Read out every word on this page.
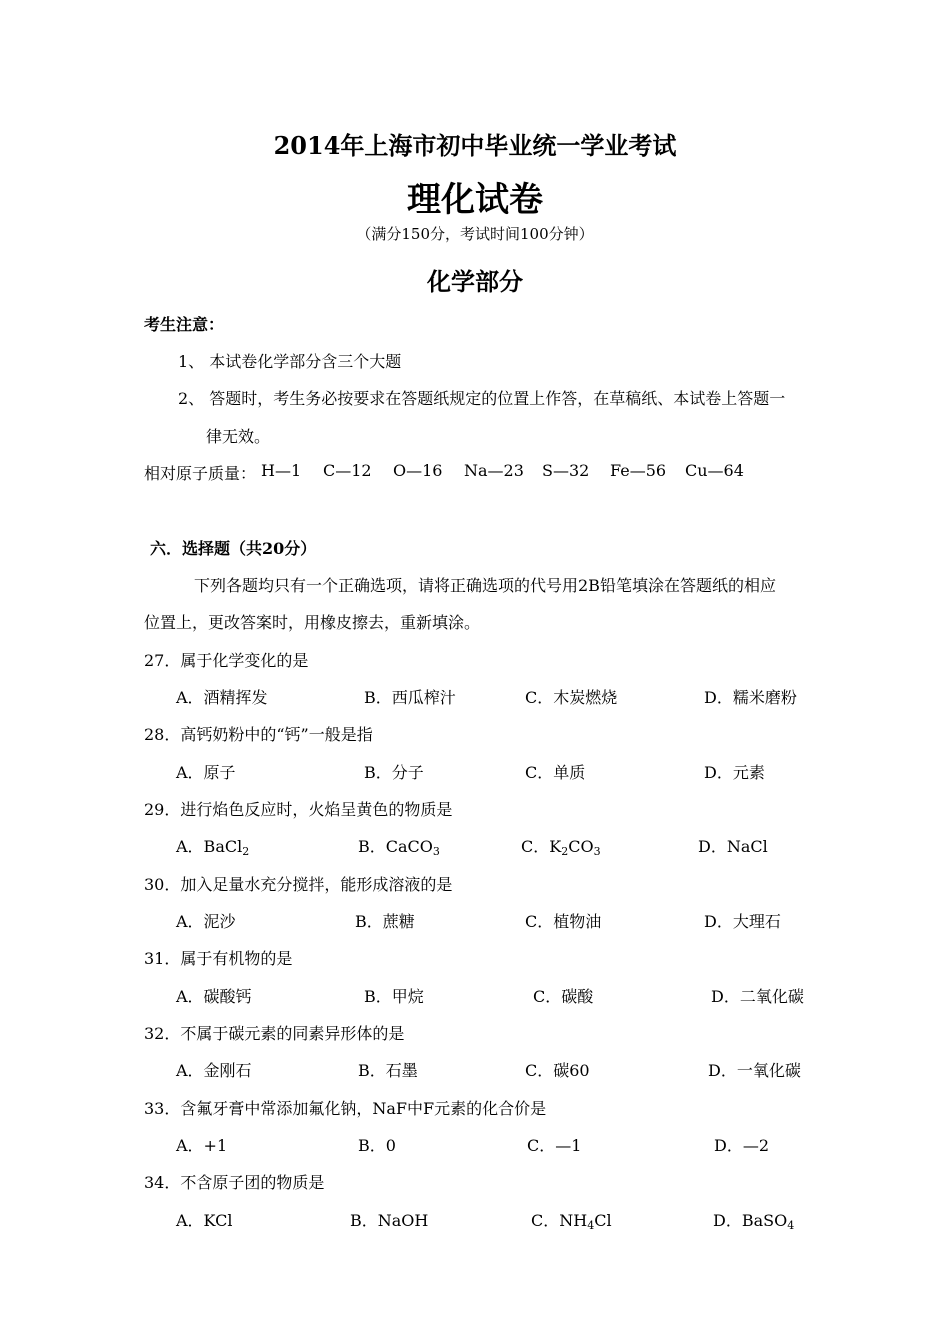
2014年上海市初中毕业统一学业考试
理化试卷
（满分150分，考试时间100分钟）
化学部分
考生注意：
1、 本试卷化学部分含三个大题
2、 答题时，考生务必按要求在答题纸规定的位置上作答，在草稿纸、本试卷上答题一
律无效。
相对原子质量： H—1 C—12 O—16 Na—23 S—32 Fe—56 Cu—64
六．选择题（共20分）
下列各题均只有一个正确选项，请将正确选项的代号用2B铅笔填涂在答题纸的相应
位置上，更改答案时，用橡皮擦去，重新填涂。
27．属于化学变化的是
A．酒精挥发	B．西瓜榨汁	C．木炭燃烧	D．糯米磨粉
28．高钙奶粉中的“钙”一般是指
A．原子	B．分子	C．单质	D．元素
29．进行焰色反应时，火焰呈黄色的物质是
A．BaCl$_2$	B．CaCO$_3$	C．$K_2CO_3$	D．NaCl
30．加入足量水充分搅拌，能形成溶液的是
A．泥沙	B．蔗糖	C．植物油	D．大理石
31．属于有机物的是
A．碳酸钙	B．甲烷	C．碳酸	D．二氧化碳
32．不属于碳元素的同素异形体的是
A．金刚石	B．石墨	C．碳60	D．一氧化碳
33．含氟牙膏中常添加氟化钠，NaF中F元素的化合价是
A．+1	B．0	C．—1	D．—2
34．不含原子团的物质是
A．KCl	B．NaOH	C．$NH_4Cl$	D．BaSO$_4$
